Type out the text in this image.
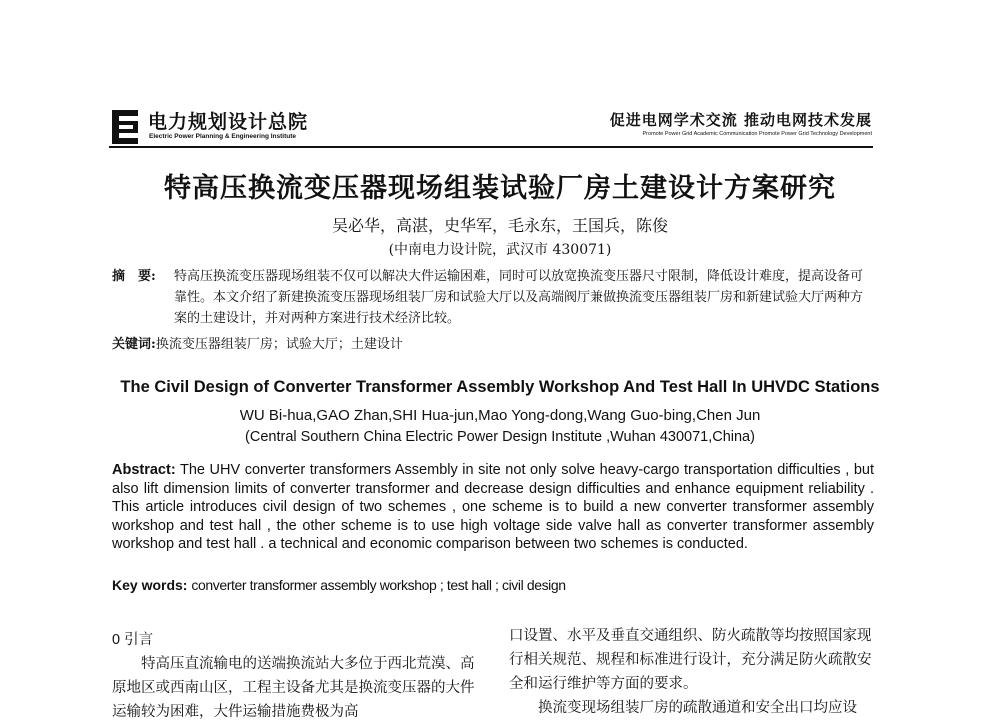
电力规划设计总院
Electric Power Planning & Engineering Institute
促进电网学术交流 推动电网技术发展
Promote Power Grid Academic Communication Promote Power Grid Technology Development
特高压换流变压器现场组装试验厂房土建设计方案研究
吴必华，高湛，史华军，毛永东，王国兵，陈俊
(中南电力设计院，武汉市 430071)
摘　要: 特高压换流变压器现场组装不仅可以解决大件运输困难，同时可以放宽换流变压器尺寸限制，降低设计难度，提高设备可靠性。本文介绍了新建换流变压器现场组装厂房和试验大厅以及高端阀厅兼做换流变压器组装厂房和新建试验大厅两种方案的土建设计，并对两种方案进行技术经济比较。
关键词:换流变压器组装厂房；试验大厅；土建设计
The Civil Design of Converter Transformer Assembly Workshop And Test Hall In UHVDC Stations
WU Bi-hua,GAO Zhan,SHI Hua-jun,Mao Yong-dong,Wang Guo-bing,Chen Jun
(Central Southern China Electric Power Design Institute ,Wuhan 430071,China)
Abstract: The UHV converter transformers Assembly in site not only solve heavy-cargo transportation difficulties , but also lift dimension limits of converter transformer and decrease design difficulties and enhance equipment reliability . This article introduces civil design of two schemes , one scheme is to build a new converter transformer assembly workshop and test hall , the other scheme is to use high voltage side valve hall as converter transformer assembly workshop and test hall . a technical and economic comparison between two schemes is conducted.
Key words: converter transformer assembly workshop ; test hall ; civil design
0 引言
特高压直流输电的送端换流站大多位于西北荒漠、高原地区或西南山区，工程主设备尤其是换流变压器的大件运输较为困难，大件运输措施费极为高
口设置、水平及垂直交通组织、防火疏散等均按照国家现行相关规范、规程和标准进行设计，充分满足防火疏散安全和运行维护等方面的要求。
换流变现场组装厂房的疏散通道和安全出口均应设
